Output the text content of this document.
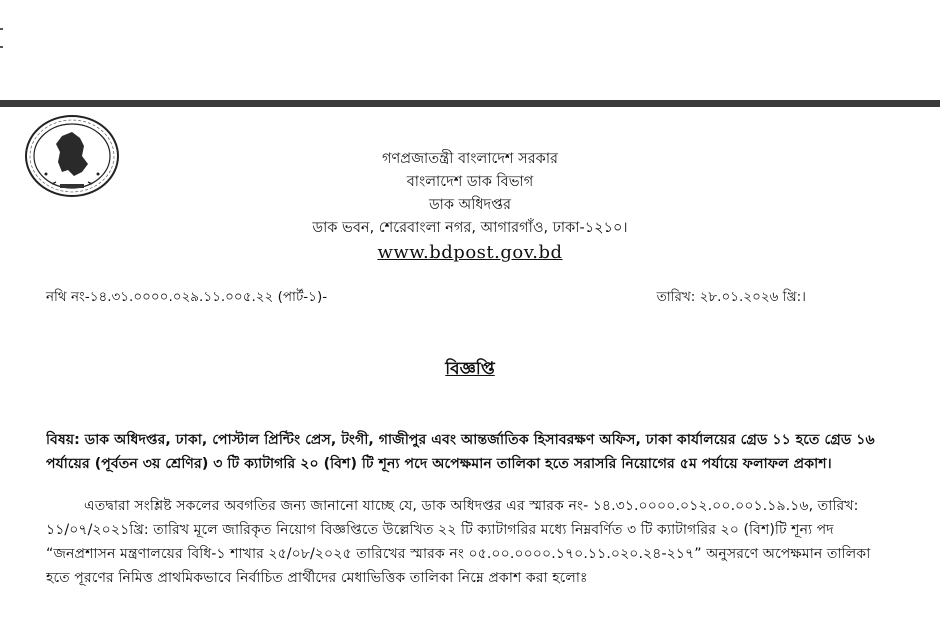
গণপ্রজাতন্ত্রী বাংলাদেশ সরকার
বাংলাদেশ ডাক বিভাগ
ডাক অধিদপ্তর
ডাক ভবন, শেরেবাংলা নগর, আগারগাঁও, ঢাকা-১২১০।
www.bdpost.gov.bd
নথি নং-১৪.৩১.০০০০.০২৯.১১.০০৫.২২ (পার্ট-১)-	তারিখ: ২৮.০১.২০২৬ খ্রি:।
বিজ্ঞপ্তি
বিষয়: ডাক অধিদপ্তর, ঢাকা, পোস্টাল প্রিন্টিং প্রেস, টংগী, গাজীপুর এবং আন্তর্জাতিক হিসাবরক্ষণ অফিস, ঢাকা কার্যালয়ের গ্রেড ১১ হতে গ্রেড ১৬
পর্যায়ের (পূর্বতন ৩য় শ্রেণির) ৩ টি ক্যাটাগরি ২০ (বিশ) টি শূন্য পদে অপেক্ষমান তালিকা হতে সরাসরি নিয়োগের ৫ম পর্যায়ে ফলাফল প্রকাশ।
এতদ্বারা সংশ্লিষ্ট সকলের অবগতির জন্য জানানো যাচ্ছে যে, ডাক অধিদপ্তর এর স্মারক নং- ১৪.৩১.০০০০.০১২.০০.০০১.১৯.১৬, তারিখ:
১১/০৭/২০২১খ্রি: তারিখ মূলে জারিকৃত নিয়োগ বিজ্ঞপ্তিতে উল্লেখিত ২২ টি ক্যাটাগরির মধ্যে নিম্নবর্ণিত ৩ টি ক্যাটাগরির ২০ (বিশ)টি শূন্য পদ
“জনপ্রশাসন মন্ত্রণালয়ের বিধি-১ শাখার ২৫/০৮/২০২৫ তারিখের স্মারক নং ০৫.০০.০০০০.১৭০.১১.০২০.২৪-২১৭” অনুসরণে অপেক্ষমান তালিকা
হতে পূরণের নিমিত্ত প্রাথমিকভাবে নির্বাচিত প্রার্থীদের মেধাভিত্তিক তালিকা নিম্নে প্রকাশ করা হলোঃ
